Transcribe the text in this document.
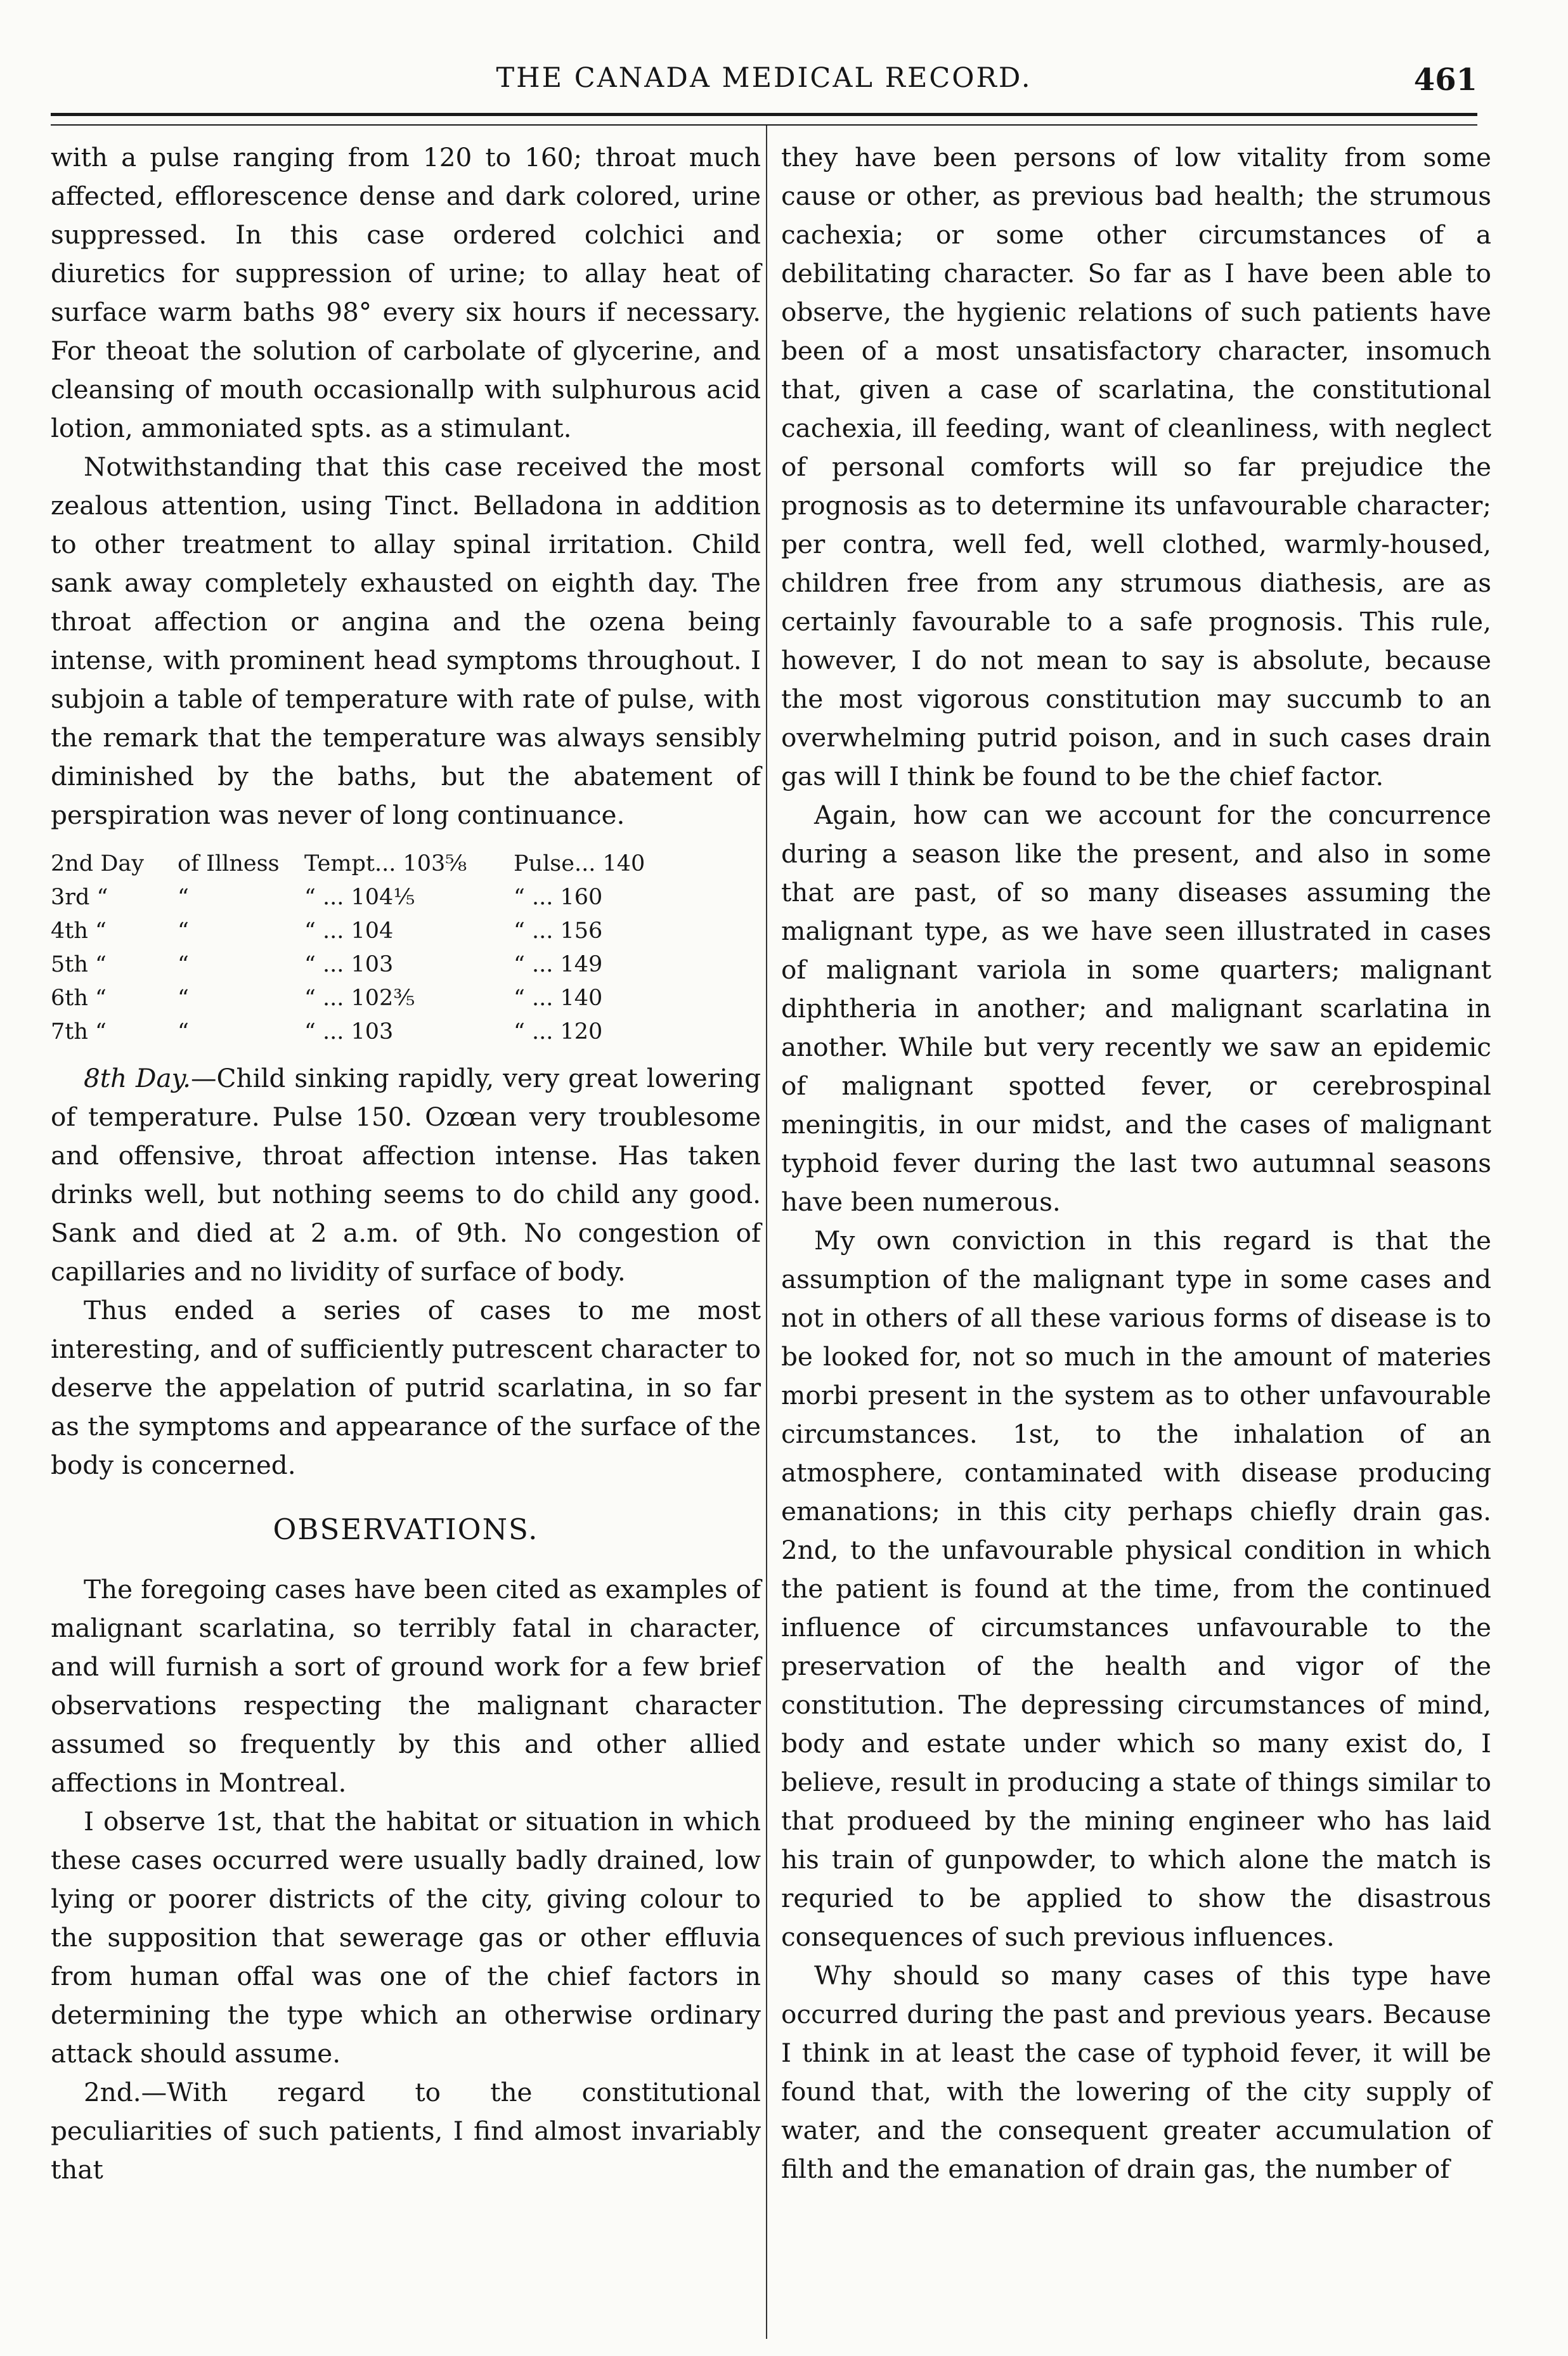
THE CANADA MEDICAL RECORD.	461

with a pulse ranging from 120 to 160; throat much affected, efflorescence dense and dark colored, urine suppressed. In this case ordered colchici and diuretics for suppression of urine; to allay heat of surface warm baths 98° every six hours if necessary. For theoat the solution of carbolate of glycerine, and cleansing of mouth occasionallp with sulphurous acid lotion, ammoniated spts. as a stimulant.

Notwithstanding that this case received the most zealous attention, using Tinct. Belladona in addition to other treatment to allay spinal irritation. Child sank away completely exhausted on eighth day. The throat affection or angina and the ozena being intense, with prominent head symptoms throughout. I subjoin a table of temperature with rate of pulse, with the remark that the temperature was always sensibly diminished by the baths, but the abatement of perspiration was never of long continuance.

2nd Day	of Illness	Tempt... 103⅝	Pulse... 140
3rd “	“	“ ... 104⅕	“ ... 160
4th “	“	“ ... 104	“ ... 156
5th “	“	“ ... 103	“ ... 149
6th “	“	“ ... 102⅗	“ ... 140
7th “	“	“ ... 103	“ ... 120

8th Day.—Child sinking rapidly, very great lowering of temperature. Pulse 150. Ozœan very troublesome and offensive, throat affection intense. Has taken drinks well, but nothing seems to do child any good. Sank and died at 2 a.m. of 9th. No congestion of capillaries and no lividity of surface of body.

Thus ended a series of cases to me most interesting, and of sufficiently putrescent character to deserve the appelation of putrid scarlatina, in so far as the symptoms and appearance of the surface of the body is concerned.

OBSERVATIONS.

The foregoing cases have been cited as examples of malignant scarlatina, so terribly fatal in character, and will furnish a sort of ground work for a few brief observations respecting the malignant character assumed so frequently by this and other allied affections in Montreal.

I observe 1st, that the habitat or situation in which these cases occurred were usually badly drained, low lying or poorer districts of the city, giving colour to the supposition that sewerage gas or other effluvia from human offal was one of the chief factors in determining the type which an otherwise ordinary attack should assume.

2nd.—With regard to the constitutional peculiarities of such patients, I find almost invariably that

they have been persons of low vitality from some cause or other, as previous bad health; the strumous cachexia; or some other circumstances of a debilitating character. So far as I have been able to observe, the hygienic relations of such patients have been of a most unsatisfactory character, insomuch that, given a case of scarlatina, the constitutional cachexia, ill feeding, want of cleanliness, with neglect of personal comforts will so far prejudice the prognosis as to determine its unfavourable character; per contra, well fed, well clothed, warmly-housed, children free from any strumous diathesis, are as certainly favourable to a safe prognosis. This rule, however, I do not mean to say is absolute, because the most vigorous constitution may succumb to an overwhelming putrid poison, and in such cases drain gas will I think be found to be the chief factor.

Again, how can we account for the concurrence during a season like the present, and also in some that are past, of so many diseases assuming the malignant type, as we have seen illustrated in cases of malignant variola in some quarters; malignant diphtheria in another; and malignant scarlatina in another. While but very recently we saw an epidemic of malignant spotted fever, or cerebrospinal meningitis, in our midst, and the cases of malignant typhoid fever during the last two autumnal seasons have been numerous.

My own conviction in this regard is that the assumption of the malignant type in some cases and not in others of all these various forms of disease is to be looked for, not so much in the amount of materies morbi present in the system as to other unfavourable circumstances. 1st, to the inhalation of an atmosphere, contaminated with disease producing emanations; in this city perhaps chiefly drain gas. 2nd, to the unfavourable physical condition in which the patient is found at the time, from the continued influence of circumstances unfavourable to the preservation of the health and vigor of the constitution. The depressing circumstances of mind, body and estate under which so many exist do, I believe, result in producing a state of things similar to that produeed by the mining engineer who has laid his train of gunpowder, to which alone the match is requried to be applied to show the disastrous consequences of such previous influences.

Why should so many cases of this type have occurred during the past and previous years. Because I think in at least the case of typhoid fever, it will be found that, with the lowering of the city supply of water, and the consequent greater accumulation of filth and the emanation of drain gas, the number of
